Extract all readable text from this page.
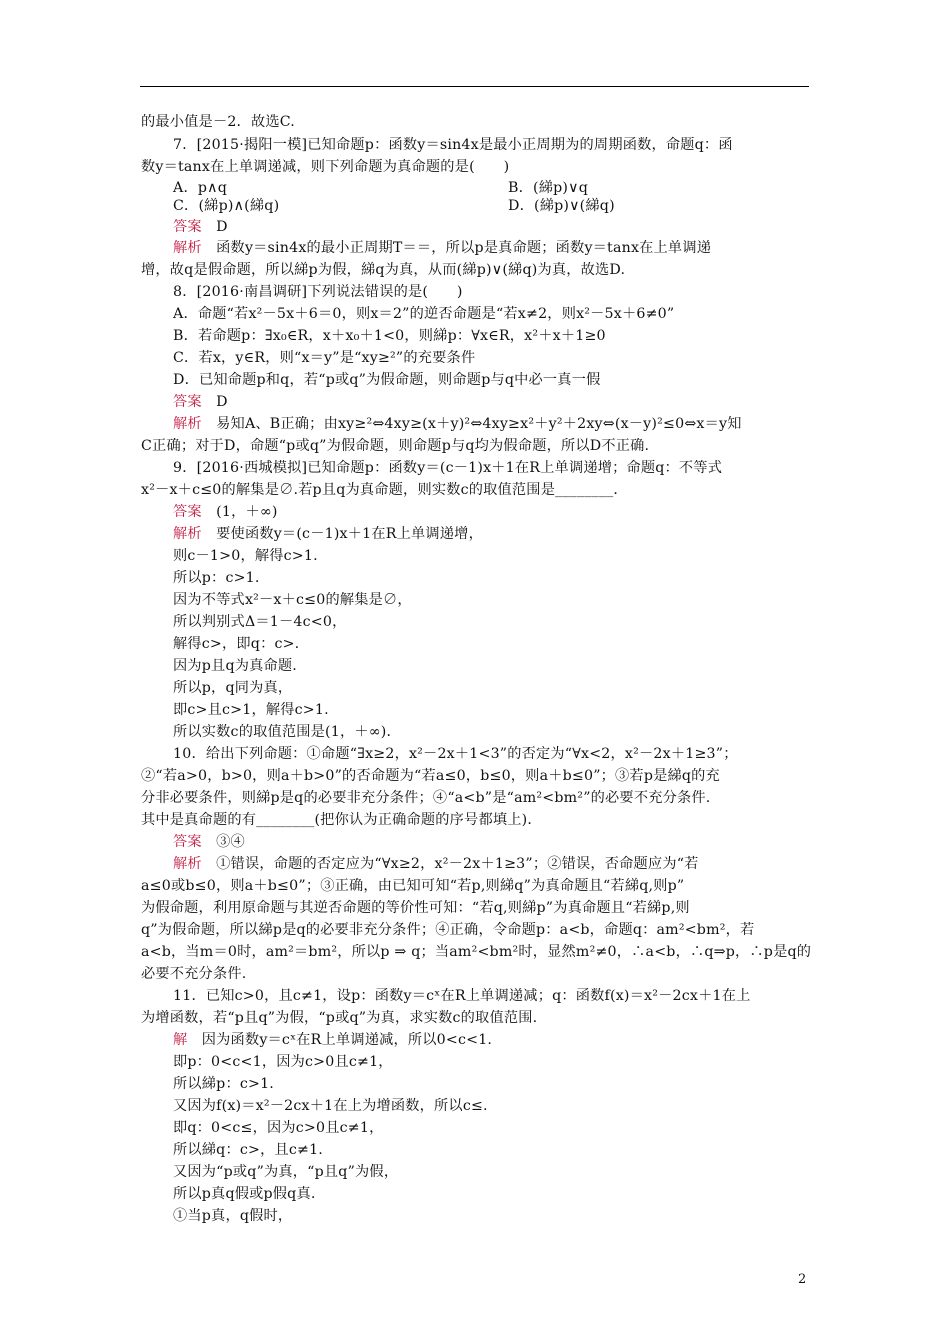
的最小值是－2．故选C.
7．[2015·揭阳一模]已知命题p：函数y＝sin4x是最小正周期为的周期函数，命题q：函
数y＝tanx在上单调递减，则下列命题为真命题的是(　　)
A．p∧q	B．(綈p)∨q
C．(綈p)∧(綈q)	D．(綈p)∨(綈q)
答案　D
解析　函数y＝sin4x的最小正周期T＝＝，所以p是真命题；函数y＝tanx在上单调递
增，故q是假命题，所以綈p为假，綈q为真，从而(綈p)∨(綈q)为真，故选D.
8．[2016·南昌调研]下列说法错误的是(　　)
A．命题“若x²－5x＋6＝0，则x＝2”的逆否命题是“若x≠2，则x²－5x＋6≠0”
B．若命题p：∃x₀∈R，x＋x₀＋1<0，则綈p：∀x∈R，x²＋x＋1≥0
C．若x，y∈R，则“x＝y”是“xy≥²”的充要条件
D．已知命题p和q，若“p或q”为假命题，则命题p与q中必一真一假
答案　D
解析　易知A、B正确；由xy≥²⇔4xy≥(x＋y)²⇔4xy≥x²＋y²＋2xy⇔(x－y)²≤0⇔x＝y知
C正确；对于D，命题“p或q”为假命题，则命题p与q均为假命题，所以D不正确.
9．[2016·西城模拟]已知命题p：函数y＝(c－1)x＋1在R上单调递增；命题q：不等式
x²－x＋c≤0的解集是∅.若p且q为真命题，则实数c的取值范围是________．
答案　(1，＋∞)
解析　要使函数y＝(c－1)x＋1在R上单调递增，
则c－1>0，解得c>1.
所以p：c>1.
因为不等式x²－x＋c≤0的解集是∅，
所以判别式Δ＝1－4c<0，
解得c>，即q：c>.
因为p且q为真命题.
所以p，q同为真，
即c>且c>1，解得c>1.
所以实数c的取值范围是(1，＋∞)．
10．给出下列命题：①命题“∃x≥2，x²－2x＋1<3”的否定为“∀x<2，x²－2x＋1≥3”；
②“若a>0，b>0，则a＋b>0”的否命题为“若a≤0，b≤0，则a＋b≤0”；③若p是綈q的充
分非必要条件，则綈p是q的必要非充分条件；④“a<b”是“am²<bm²”的必要不充分条件.
其中是真命题的有________(把你认为正确命题的序号都填上)．
答案　③④
解析　①错误，命题的否定应为“∀x≥2，x²－2x＋1≥3”；②错误，否命题应为“若
a≤0或b≤0，则a＋b≤0”；③正确，由已知可知“若p,则綈q”为真命题且“若綈q,则p”
为假命题，利用原命题与其逆否命题的等价性可知：“若q,则綈p”为真命题且“若綈p,则
q”为假命题，所以綈p是q的必要非充分条件；④正确，令命题p：a<b，命题q：am²<bm²，若
a<b，当m＝0时，am²＝bm²，所以p ⇒ q；当am²<bm²时，显然m²≠0，∴a<b，∴q⇒p，∴p是q的
必要不充分条件.
11．已知c>0，且c≠1，设p：函数y＝cˣ在R上单调递减；q：函数f(x)＝x²－2cx＋1在上
为增函数，若“p且q”为假，“p或q”为真，求实数c的取值范围.
解　因为函数y＝cˣ在R上单调递减，所以0<c<1.
即p：0<c<1，因为c>0且c≠1，
所以綈p：c>1.
又因为f(x)＝x²－2cx＋1在上为增函数，所以c≤.
即q：0<c≤，因为c>0且c≠1，
所以綈q：c>，且c≠1.
又因为“p或q”为真，“p且q”为假，
所以p真q假或p假q真.
①当p真，q假时，
2
